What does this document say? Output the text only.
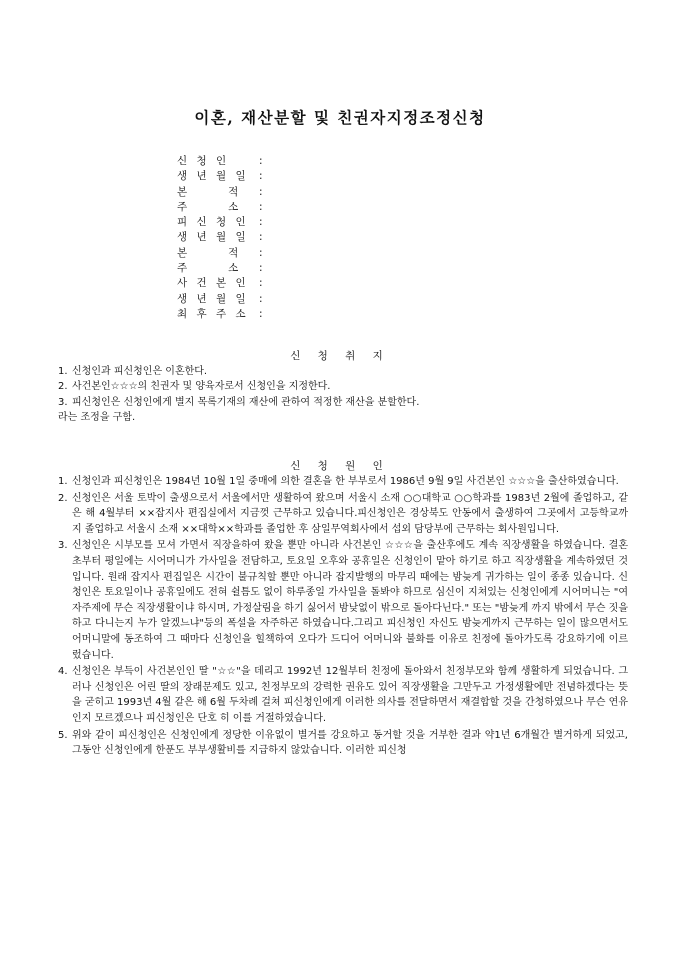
이혼, 재산분할 및 친권자지정조정신청
신 청 인	:
생 년 월 일 :
본      적	:
주      소	:
피 신 청 인 :
생 년 월 일 :
본      적	:
주      소	:
사 건 본 인 :
생 년 월 일 :
최 후 주 소 :
신 청 취 지
1. 신청인과 피신청인은 이혼한다.
2. 사건본인☆☆☆의 친권자 및 양육자로서 신청인을 지정한다.
3. 피신청인은 신청인에게 별지 목록기재의 재산에 관하여 적정한 재산을 분할한다.
라는 조정을 구함.
신 청 원 인
1. 신청인과 피신청인은 1984년 10월 1일 중매에 의한 결혼을 한 부부로서 1986년 9월 9일 사건본인 ☆☆☆을 출산하였습니다.
2. 신청인은 서울 토박이 출생으로서 서울에서만 생활하여 왔으며 서울시 소재 ○○대학교 ○○학과를 1983년 2월에 졸업하고, 같은 해 4월부터 ××잡지사 편집실에서 지금껏 근무하고 있습니다.피신청인은 경상북도 안동에서 출생하여 그곳에서 고등학교까지 졸업하고 서울시 소재 ××대학××학과를 졸업한 후 삼일무역회사에서 섭외 담당부에 근무하는 회사원입니다.
3. 신청인은 시부모를 모셔 가면서 직장을하여 왔을 뿐만 아니라 사건본인 ☆☆☆을 출산후에도 계속 직장생활을 하였습니다. 결혼초부터 평일에는 시어머니가 가사일을 전담하고, 토요일 오후와 공휴일은 신청인이 맡아 하기로 하고 직장생활을 계속하였던 것입니다. 원래 잡지사 편집일은 시간이 불규칙할 뿐만 아니라 잡지발행의 마무리 때에는 밤늦게 귀가하는 일이 종종 있습니다. 신청인은 토요일이나 공휴일에도 전혀 쉴틈도 없이 하루종일 가사일을 돌봐야 하므로 심신이 지쳐있는 신청인에게 시어머니는 "여자주제에 무슨 직장생활이냐 하시며, 가정살림을 하기 싫어서 밤낮없이 밖으로 돌아다닌다." 또는 "밤늦게 까지 밖에서 무슨 짓을 하고 다니는지 누가 알겠느냐"등의 폭설을 자주하곤 하였습니다.그리고 피신청인 자신도 밤늦게까지 근무하는 일이 많으면서도 어머니말에 동조하여 그 때마다 신청인을 힐책하여 오다가 드디어 어머니와 불화를 이유로 친정에 돌아가도록 강요하기에 이르렀습니다.
4. 신청인은 부득이 사건본인인 딸 "☆☆"을 데리고 1992년 12월부터 친정에 돌아와서 친정부모와 함께 생활하게 되었습니다. 그러나 신청인은 어린 딸의 장래문제도 있고, 친정부모의 강력한 권유도 있어 직장생활을 그만두고 가정생활에만 전념하겠다는 뜻을 굳히고 1993년 4월 같은 해 6월 두차례 걸쳐 피신청인에게 이러한 의사를 전달하면서 재결합할 것을 간청하였으나 무슨 연유인지 모르겠으나 피신청인은 단호 히 이를 거절하였습니다.
5. 위와 같이 피신청인은 신청인에게 정당한 이유없이 별거를 강요하고 동거할 것을 거부한 결과 약1년 6개월간 별거하게 되었고, 그동안 신청인에게 한푼도 부부생활비를 지급하지 않았습니다. 이러한 피신청
